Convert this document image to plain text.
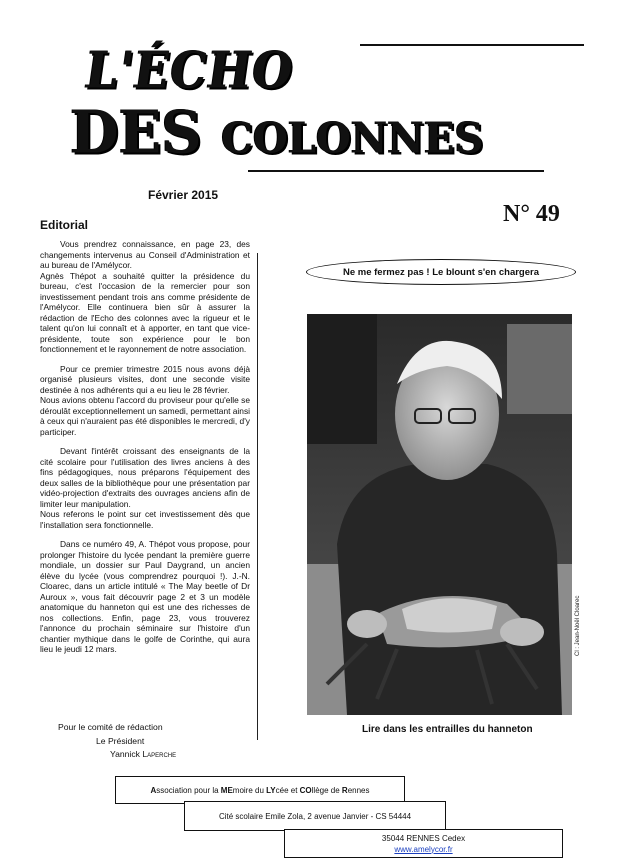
L'ÉCHO
DES COLONNES
Février 2015
N° 49
Editorial

Vous prendrez connaissance, en page 23, des changements intervenus au Conseil d'Administration et au bureau de l'Amélycor.

Agnès Thépot a souhaité quitter la présidence du bureau, c'est l'occasion de la remercier pour son investissement pendant trois ans comme présidente de l'Amélycor. Elle continuera bien sûr à assurer la rédaction de l'Echo des colonnes avec la rigueur et le talent qu'on lui connaît et à apporter, en tant que vice-présidente, toute son expérience pour le bon fonctionnement et le rayonnement de notre association.

Pour ce premier trimestre 2015 nous avons déjà organisé plusieurs visites, dont une seconde visite destinée à nos adhérents qui a eu lieu le 28 février.

Nous avions obtenu l'accord du proviseur pour qu'elle se déroulât exceptionnellement un samedi, permettant ainsi à ceux qui n'auraient pas été disponibles le mercredi, d'y participer.

Devant l'intérêt croissant des enseignants de la cité scolaire pour l'utilisation des livres anciens à des fins pédagogiques, nous préparons l'équipement des deux salles de la bibliothèque pour une présentation par vidéo-projection d'extraits des ouvrages anciens afin de limiter leur manipulation.

Nous referons le point sur cet investissement dès que l'installation sera fonctionnelle.

Dans ce numéro 49, A. Thépot vous propose, pour prolonger l'histoire du lycée pendant la première guerre mondiale, un dossier sur Paul Daygrand, un ancien élève du lycée (vous comprendrez pourquoi !). J.-N. Cloarec, dans un article intitulé « The May beetle of Dr Auroux », vous fait découvrir page 2 et 3 un modèle anatomique du hanneton qui est une des richesses de nos collections. Enfin, page 23, vous trouverez l'annonce du prochain séminaire sur l'histoire d'un chantier mythique dans le golfe de Corinthe, qui aura lieu le jeudi 12 mars.

Pour le comité de rédaction
Le Président
Yannick Laperche
Ne me fermez pas ! Le blount s'en chargera
Cl : Jean-Noël Cloarec
Lire dans les entrailles du hanneton
Association pour la MEmoire du LYcée et COllège de Rennes
Cité scolaire Emile Zola, 2 avenue Janvier - CS 54444
35044 RENNES Cedex
www.amelycor.fr
